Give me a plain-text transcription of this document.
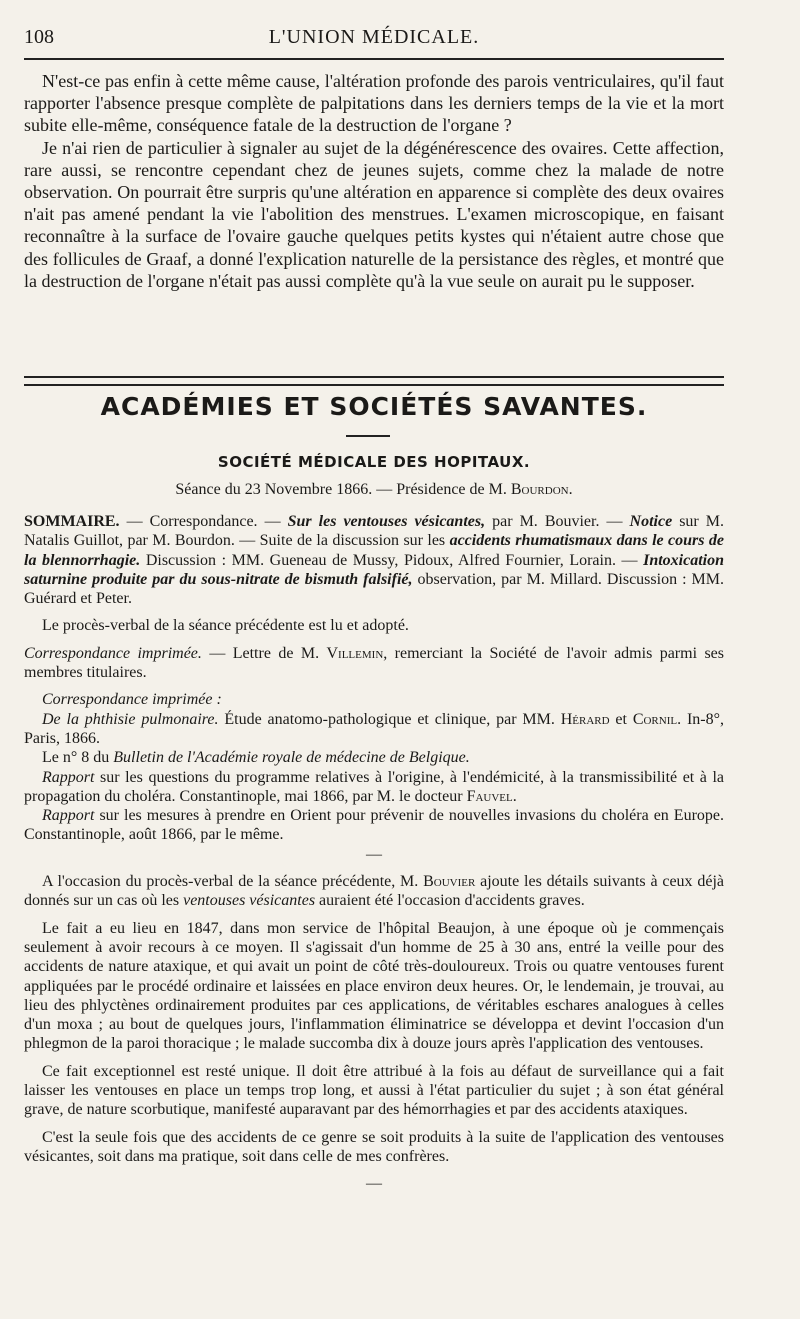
108	L'UNION MÉDICALE.

N'est-ce pas enfin à cette même cause, l'altération profonde des parois ventriculaires, qu'il faut rapporter l'absence presque complète de palpitations dans les derniers temps de la vie et la mort subite elle-même, conséquence fatale de la destruction de l'organe ?

Je n'ai rien de particulier à signaler au sujet de la dégénérescence des ovaires. Cette affection, rare aussi, se rencontre cependant chez de jeunes sujets, comme chez la malade de notre observation. On pourrait être surpris qu'une altération en apparence si complète des deux ovaires n'ait pas amené pendant la vie l'abolition des menstrues. L'examen microscopique, en faisant reconnaître à la surface de l'ovaire gauche quelques petits kystes qui n'étaient autre chose que des follicules de Graaf, a donné l'explication naturelle de la persistance des règles, et montré que la destruction de l'organe n'était pas aussi complète qu'à la vue seule on aurait pu le supposer.

ACADÉMIES ET SOCIÉTÉS SAVANTES.
SOCIÉTÉ MÉDICALE DES HOPITAUX.
Séance du 23 Novembre 1866. — Présidence de M. Bourdon.

SOMMAIRE. — Correspondance. — Sur les ventouses vésicantes, par M. Bouvier. — Notice sur M. Natalis Guillot, par M. Bourdon. — Suite de la discussion sur les accidents rhumatismaux dans le cours de la blennorrhagie. Discussion : MM. Gueneau de Mussy, Pidoux, Alfred Fournier, Lorain. — Intoxication saturnine produite par du sous-nitrate de bismuth falsifié, observation, par M. Millard. Discussion : MM. Guérard et Peter.

Le procès-verbal de la séance précédente est lu et adopté.

Correspondance imprimée. — Lettre de M. Villemin, remerciant la Société de l'avoir admis parmi ses membres titulaires.

Correspondance imprimée :

De la phthisie pulmonaire. Étude anatomo-pathologique et clinique, par MM. Hérard et Cornil. In-8°, Paris, 1866.

Le n° 8 du Bulletin de l'Académie royale de médecine de Belgique.

Rapport sur les questions du programme relatives à l'origine, à l'endémicité, à la transmissibilité et à la propagation du choléra. Constantinople, mai 1866, par M. le docteur Fauvel.

Rapport sur les mesures à prendre en Orient pour prévenir de nouvelles invasions du choléra en Europe. Constantinople, août 1866, par le même.

—

A l'occasion du procès-verbal de la séance précédente, M. Bouvier ajoute les détails suivants à ceux déjà donnés sur un cas où les ventouses vésicantes auraient été l'occasion d'accidents graves.

Le fait a eu lieu en 1847, dans mon service de l'hôpital Beaujon, à une époque où je commençais seulement à avoir recours à ce moyen. Il s'agissait d'un homme de 25 à 30 ans, entré la veille pour des accidents de nature ataxique, et qui avait un point de côté très-douloureux. Trois ou quatre ventouses furent appliquées par le procédé ordinaire et laissées en place environ deux heures. Or, le lendemain, je trouvai, au lieu des phlyctènes ordinairement produites par ces applications, de véritables eschares analogues à celles d'un moxa ; au bout de quelques jours, l'inflammation éliminatrice se développa et devint l'occasion d'un phlegmon de la paroi thoracique ; le malade succomba dix à douze jours après l'application des ventouses.

Ce fait exceptionnel est resté unique. Il doit être attribué à la fois au défaut de surveillance qui a fait laisser les ventouses en place un temps trop long, et aussi à l'état particulier du sujet ; à son état général grave, de nature scorbutique, manifesté auparavant par des hémorrhagies et par des accidents ataxiques.

C'est la seule fois que des accidents de ce genre se soit produits à la suite de l'application des ventouses vésicantes, soit dans ma pratique, soit dans celle de mes confrères.

—
